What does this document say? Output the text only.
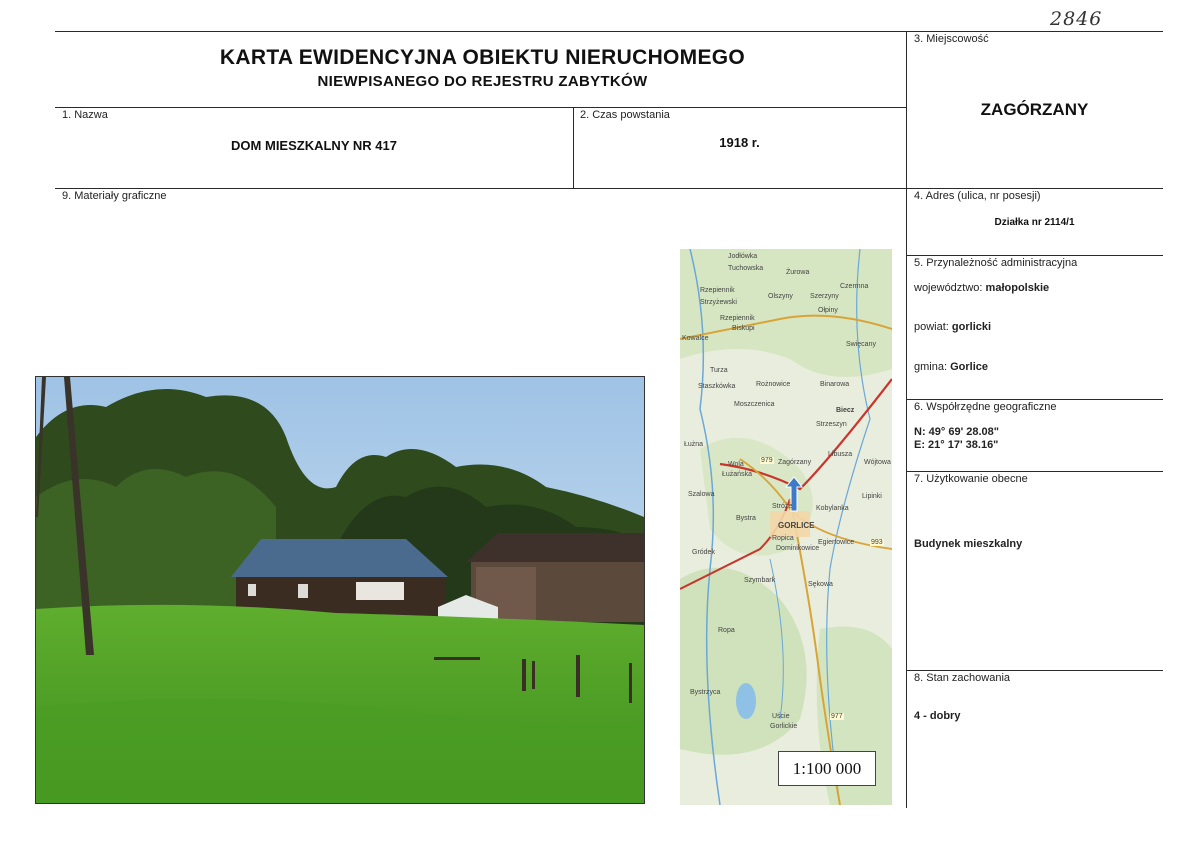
2846
KARTA EWIDENCYJNA OBIEKTU NIERUCHOMEGO
NIEWPISANEGO DO REJESTRU ZABYTKÓW
1. Nazwa
DOM MIESZKALNY NR 417
2. Czas powstania
1918 r.
3. Miejscowość
ZAGÓRZANY
9. Materiały graficzne	4. Adres (ulica, nr posesji)
Działka nr 2114/1
5. Przynależność administracyjna
województwo: małopolskie
powiat: gorlicki
gmina: Gorlice
6. Współrzędne geograficzne
N: 49° 69' 28.08"
E: 21° 17' 38.16"
7. Użytkowanie obecne
Budynek mieszkalny
8. Stan zachowania
4 - dobry
Jodłówka
Tuchowska
Żurowa
Rzepiennik
Strzyżewski
Olszyny Szerzyny
Czermna
Ołpiny
Rzepiennik
Biskupi
Kowalce
Swięcany
Turza
Staszkówka	Rożnowice	Binarowa
Moszczenica
Biecz
Strzeszyn
Łużna
Wola
Łużańska
Zagórzany
Libusza
Wójtowa
Szalowa
Bystra
Kobylanka
Lipinki
Stróże
GORLICE
Ropica
Dominikowice
Egiertowice
Szymbark
Sękowa
Ropa
Uście
Gorlickie
Gródek
Bystrzyca
979
993
977
1:100 000
